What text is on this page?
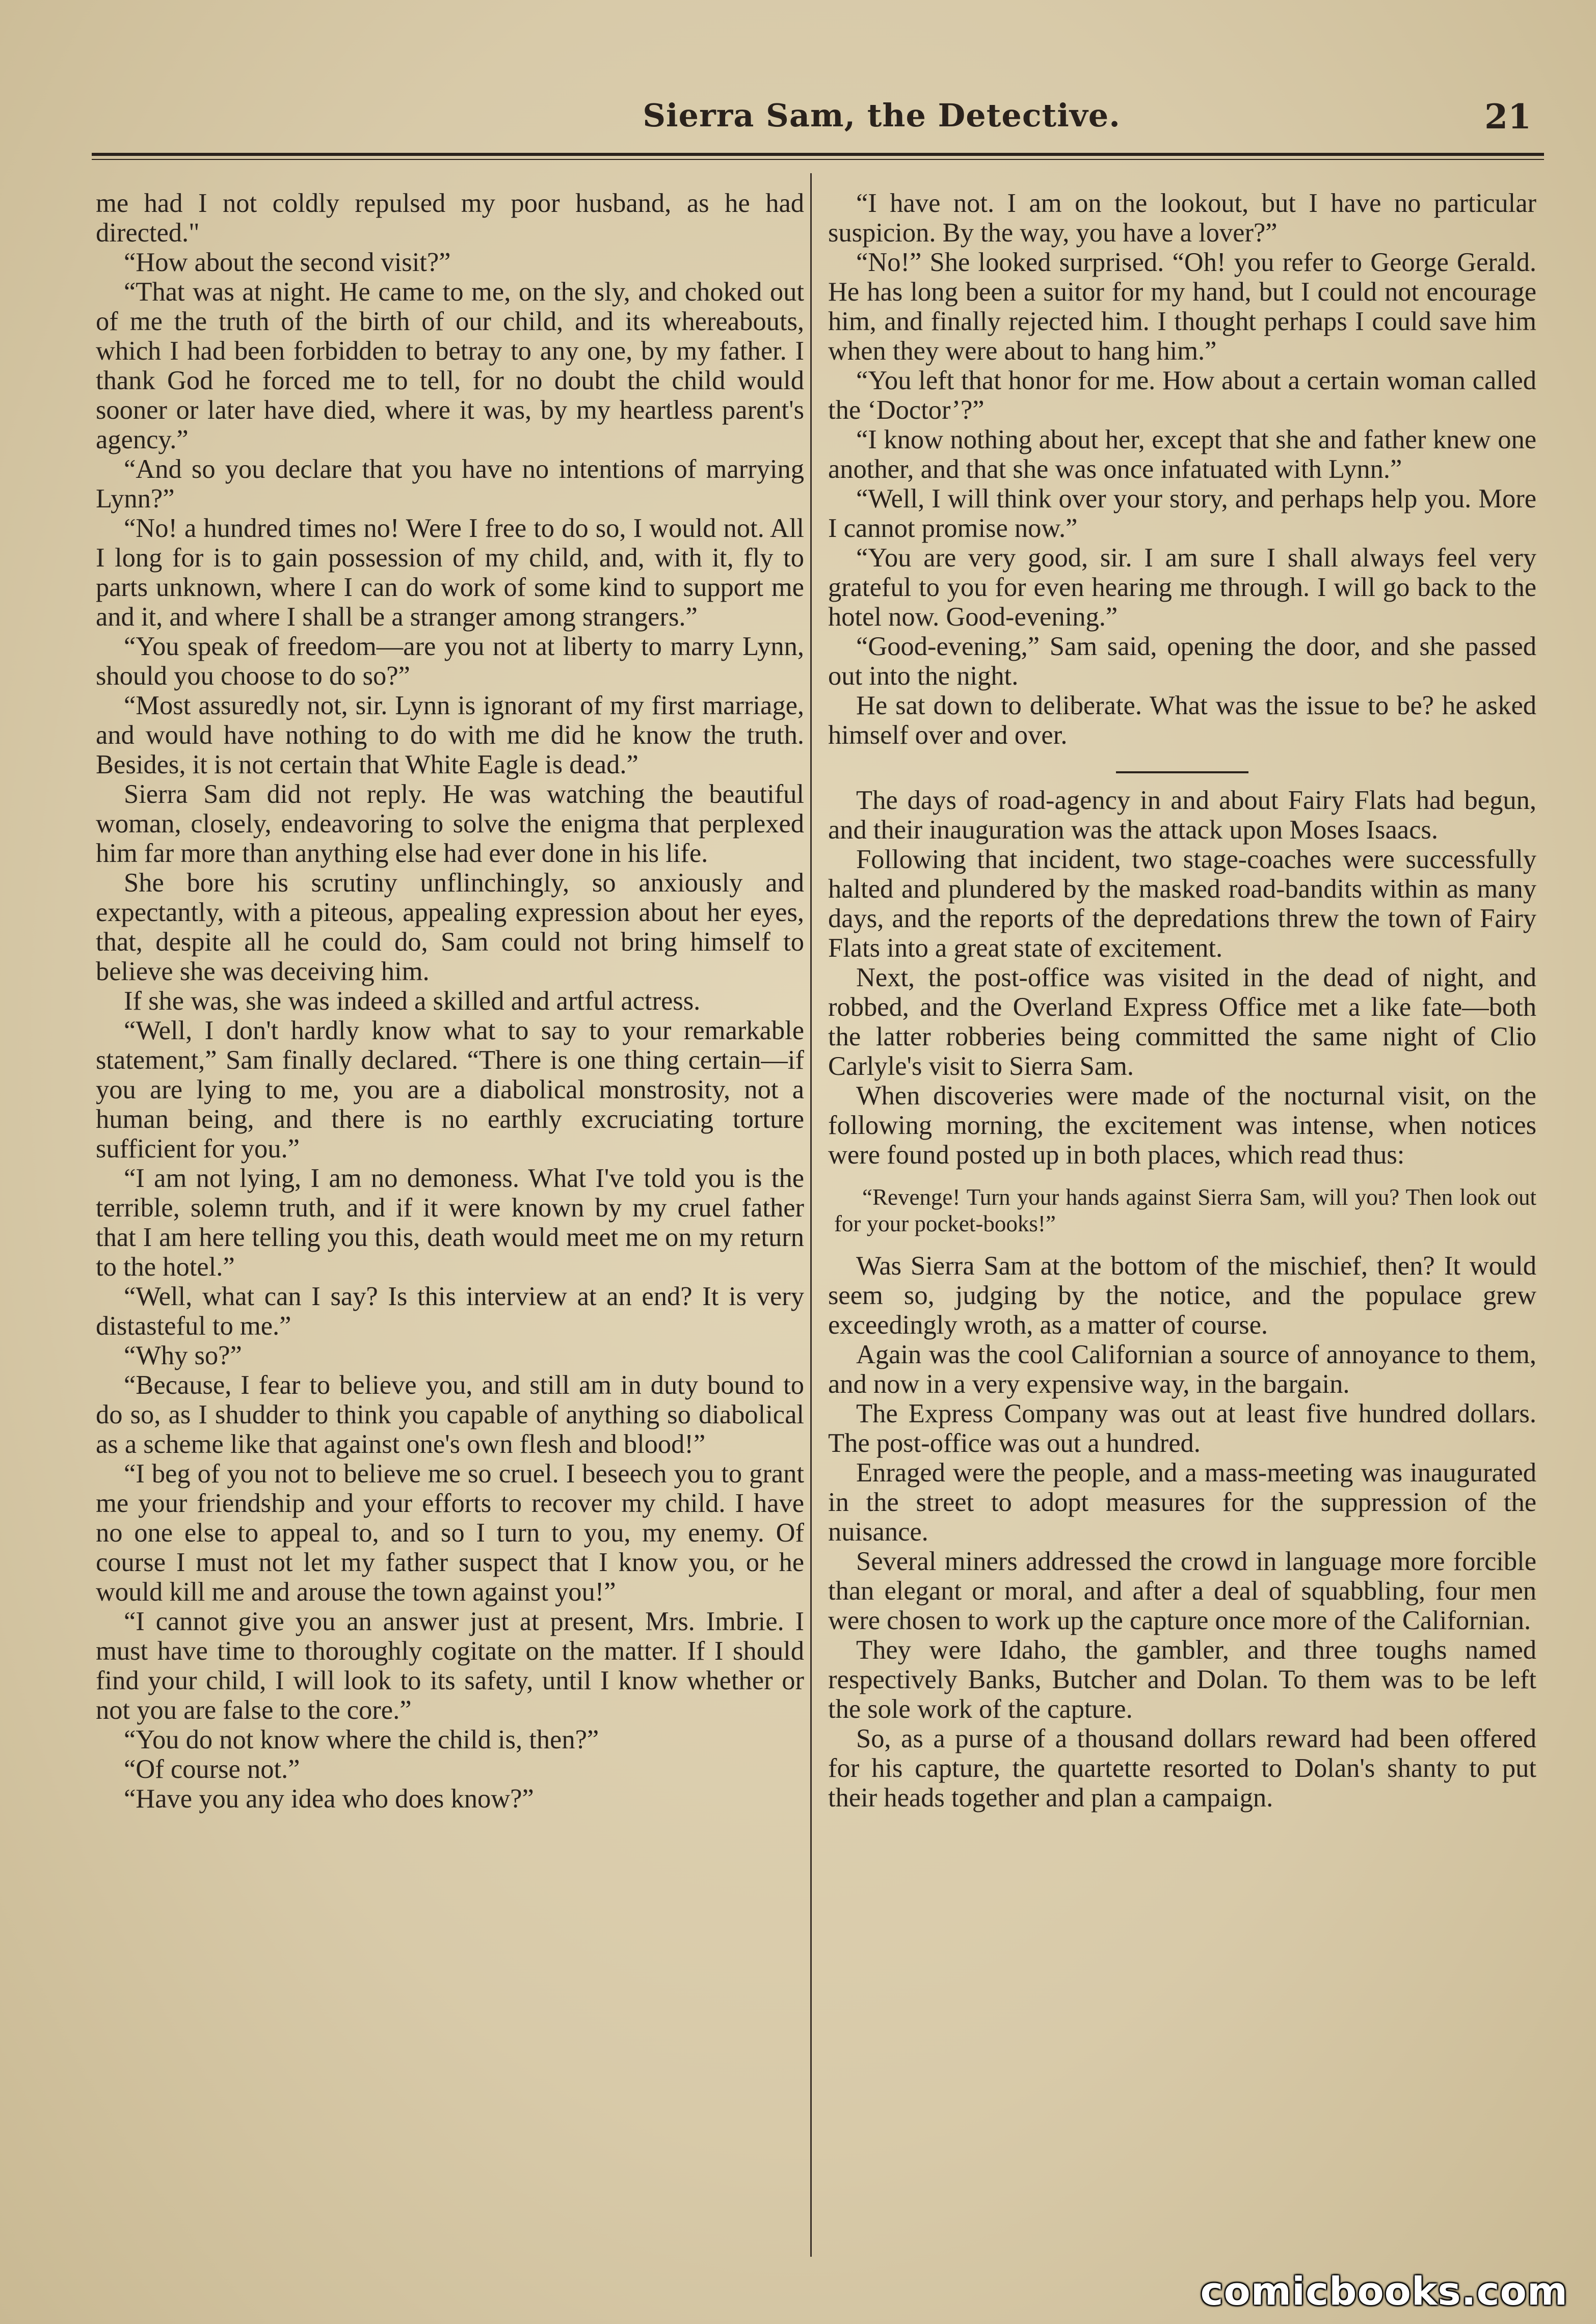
Sierra Sam, the Detective.	21

me had I not coldly repulsed my poor husband, as he had directed."

“How about the second visit?”

“That was at night. He came to me, on the sly, and choked out of me the truth of the birth of our child, and its whereabouts, which I had been forbidden to betray to any one, by my father. I thank God he forced me to tell, for no doubt the child would sooner or later have died, where it was, by my heartless parent's agency.”

“And so you declare that you have no intentions of marrying Lynn?”

“No! a hundred times no! Were I free to do so, I would not. All I long for is to gain possession of my child, and, with it, fly to parts unknown, where I can do work of some kind to support me and it, and where I shall be a stranger among strangers.”

“You speak of freedom—are you not at liberty to marry Lynn, should you choose to do so?”

“Most assuredly not, sir. Lynn is ignorant of my first marriage, and would have nothing to do with me did he know the truth. Besides, it is not certain that White Eagle is dead.”

Sierra Sam did not reply. He was watching the beautiful woman, closely, endeavoring to solve the enigma that perplexed him far more than anything else had ever done in his life.

She bore his scrutiny unflinchingly, so anxiously and expectantly, with a piteous, appealing expression about her eyes, that, despite all he could do, Sam could not bring himself to believe she was deceiving him.

If she was, she was indeed a skilled and artful actress.

“Well, I don't hardly know what to say to your remarkable statement,” Sam finally declared. “There is one thing certain—if you are lying to me, you are a diabolical monstrosity, not a human being, and there is no earthly excruciating torture sufficient for you.”

“I am not lying, I am no demoness. What I've told you is the terrible, solemn truth, and if it were known by my cruel father that I am here telling you this, death would meet me on my return to the hotel.”

“Well, what can I say? Is this interview at an end? It is very distasteful to me.”

“Why so?”

“Because, I fear to believe you, and still am in duty bound to do so, as I shudder to think you capable of anything so diabolical as a scheme like that against one's own flesh and blood!”

“I beg of you not to believe me so cruel. I beseech you to grant me your friendship and your efforts to recover my child. I have no one else to appeal to, and so I turn to you, my enemy. Of course I must not let my father suspect that I know you, or he would kill me and arouse the town against you!”

“I cannot give you an answer just at present, Mrs. Imbrie. I must have time to thoroughly cogitate on the matter. If I should find your child, I will look to its safety, until I know whether or not you are false to the core.”

“You do not know where the child is, then?”

“Of course not.”

“Have you any idea who does know?”

“I have not. I am on the lookout, but I have no particular suspicion. By the way, you have a lover?”

“No!” She looked surprised. “Oh! you refer to George Gerald. He has long been a suitor for my hand, but I could not encourage him, and finally rejected him. I thought perhaps I could save him when they were about to hang him.”

“You left that honor for me. How about a certain woman called the ‘Doctor’?”

“I know nothing about her, except that she and father knew one another, and that she was once infatuated with Lynn.”

“Well, I will think over your story, and perhaps help you. More I cannot promise now.”

“You are very good, sir. I am sure I shall always feel very grateful to you for even hearing me through. I will go back to the hotel now. Good-evening.”

“Good-evening,” Sam said, opening the door, and she passed out into the night.

He sat down to deliberate. What was the issue to be? he asked himself over and over.

The days of road-agency in and about Fairy Flats had begun, and their inauguration was the attack upon Moses Isaacs.

Following that incident, two stage-coaches were successfully halted and plundered by the masked road-bandits within as many days, and the reports of the depredations threw the town of Fairy Flats into a great state of excitement.

Next, the post-office was visited in the dead of night, and robbed, and the Overland Express Office met a like fate—both the latter robberies being committed the same night of Clio Carlyle's visit to Sierra Sam.

When discoveries were made of the nocturnal visit, on the following morning, the excitement was intense, when notices were found posted up in both places, which read thus:

“Revenge! Turn your hands against Sierra Sam, will you? Then look out for your pocket-books!”

Was Sierra Sam at the bottom of the mischief, then? It would seem so, judging by the notice, and the populace grew exceedingly wroth, as a matter of course.

Again was the cool Californian a source of annoyance to them, and now in a very expensive way, in the bargain.

The Express Company was out at least five hundred dollars. The post-office was out a hundred.

Enraged were the people, and a mass-meeting was inaugurated in the street to adopt measures for the suppression of the nuisance.

Several miners addressed the crowd in language more forcible than elegant or moral, and after a deal of squabbling, four men were chosen to work up the capture once more of the Californian.

They were Idaho, the gambler, and three toughs named respectively Banks, Butcher and Dolan. To them was to be left the sole work of the capture.

So, as a purse of a thousand dollars reward had been offered for his capture, the quartette resorted to Dolan's shanty to put their heads together and plan a campaign.

comicbooks.com
